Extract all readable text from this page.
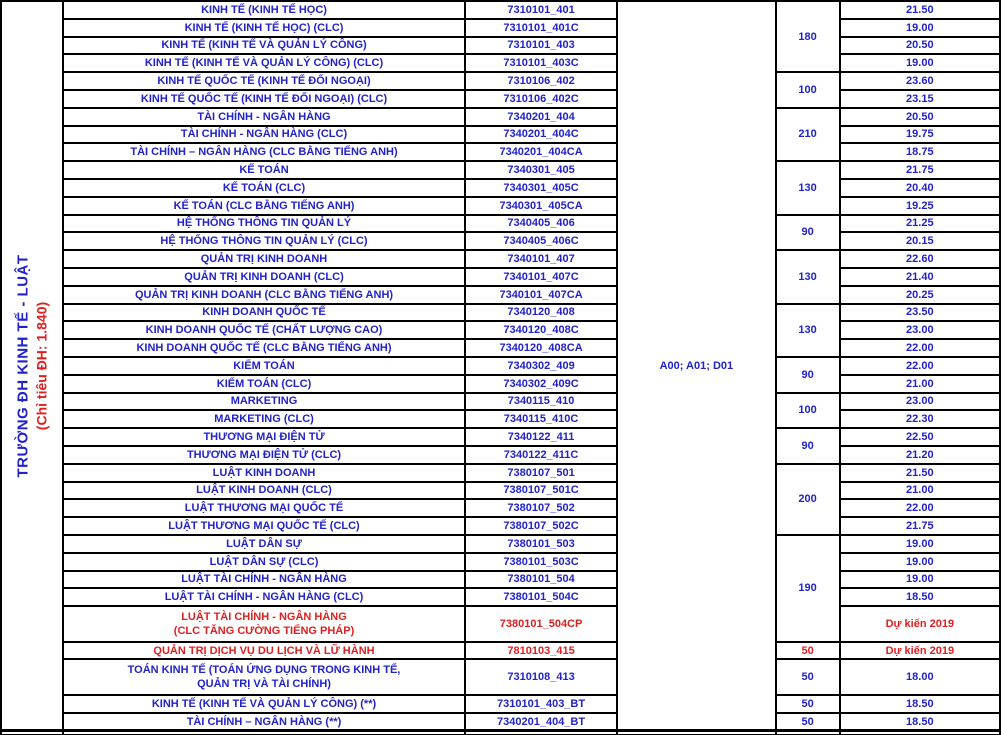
TRƯỜNG ĐH KINH TẾ - LUẬT (Chỉ tiêu ĐH: 1.840)	KINH TẾ (KINH TẾ HỌC)	7310101_401	A00; A01; D01	180	21.50
	KINH TẾ (KINH TẾ HỌC) (CLC)	7310101_401C			19.00
	KINH TẾ (KINH TẾ VÀ QUẢN LÝ CÔNG)	7310101_403			20.50
	KINH TẾ (KINH TẾ VÀ QUẢN LÝ CÔNG) (CLC)	7310101_403C			19.00
	KINH TẾ QUỐC TẾ (KINH TẾ ĐỐI NGOẠI)	7310106_402		100	23.60
	KINH TẾ QUỐC TẾ (KINH TẾ ĐỐI NGOẠI) (CLC)	7310106_402C			23.15
	TÀI CHÍNH - NGÂN HÀNG	7340201_404		210	20.50
	TÀI CHÍNH - NGÂN HÀNG (CLC)	7340201_404C			19.75
	TÀI CHÍNH – NGÂN HÀNG (CLC BẰNG TIẾNG ANH)	7340201_404CA			18.75
	KẾ TOÁN	7340301_405		130	21.75
	KẾ TOÁN (CLC)	7340301_405C			20.40
	KẾ TOÁN (CLC BẰNG TIẾNG ANH)	7340301_405CA			19.25
	HỆ THỐNG THÔNG TIN QUẢN LÝ	7340405_406		90	21.25
	HỆ THỐNG THÔNG TIN QUẢN LÝ (CLC)	7340405_406C			20.15
	QUẢN TRỊ KINH DOANH	7340101_407		130	22.60
	QUẢN TRỊ KINH DOANH (CLC)	7340101_407C			21.40
	QUẢN TRỊ KINH DOANH (CLC BẰNG TIẾNG ANH)	7340101_407CA			20.25
	KINH DOANH QUỐC TẾ	7340120_408		130	23.50
	KINH DOANH QUỐC TẾ (CHẤT LƯỢNG CAO)	7340120_408C			23.00
	KINH DOANH QUỐC TẾ (CLC BẰNG TIẾNG ANH)	7340120_408CA			22.00
	KIỂM TOÁN	7340302_409		90	22.00
	KIỂM TOÁN (CLC)	7340302_409C			21.00
	MARKETING	7340115_410		100	23.00
	MARKETING (CLC)	7340115_410C			22.30
	THƯƠNG MẠI ĐIỆN TỬ	7340122_411		90	22.50
	THƯƠNG MẠI ĐIỆN TỬ (CLC)	7340122_411C			21.20
	LUẬT KINH DOANH	7380107_501		200	21.50
	LUẬT KINH DOANH (CLC)	7380107_501C			21.00
	LUẬT THƯƠNG MẠI QUỐC TẾ	7380107_502			22.00
	LUẬT THƯƠNG MẠI QUỐC TẾ (CLC)	7380107_502C			21.75
	LUẬT DÂN SỰ	7380101_503		190	19.00
	LUẬT DÂN SỰ (CLC)	7380101_503C			19.00
	LUẬT TÀI CHÍNH - NGÂN HÀNG	7380101_504			19.00
	LUẬT TÀI CHÍNH - NGÂN HÀNG (CLC)	7380101_504C			18.50

	LUẬT TÀI CHÍNH - NGÂN HÀNG
(CLC TĂNG CƯỜNG TIẾNG PHÁP)	7380101_504CP			Dự kiến 2019
	QUẢN TRỊ DỊCH VỤ DU LỊCH VÀ LỮ HÀNH	7810103_415		50	Dự kiến 2019

	TOÁN KINH TẾ (TOÁN ỨNG DỤNG TRONG KINH TẾ,
QUẢN TRỊ VÀ TÀI CHÍNH)	7310108_413		50	18.00
	KINH TẾ (KINH TẾ VÀ QUẢN LÝ CÔNG) (**)	7310101_403_BT		50	18.50
	TÀI CHÍNH – NGÂN HÀNG (**)	7340201_404_BT		50	18.50
